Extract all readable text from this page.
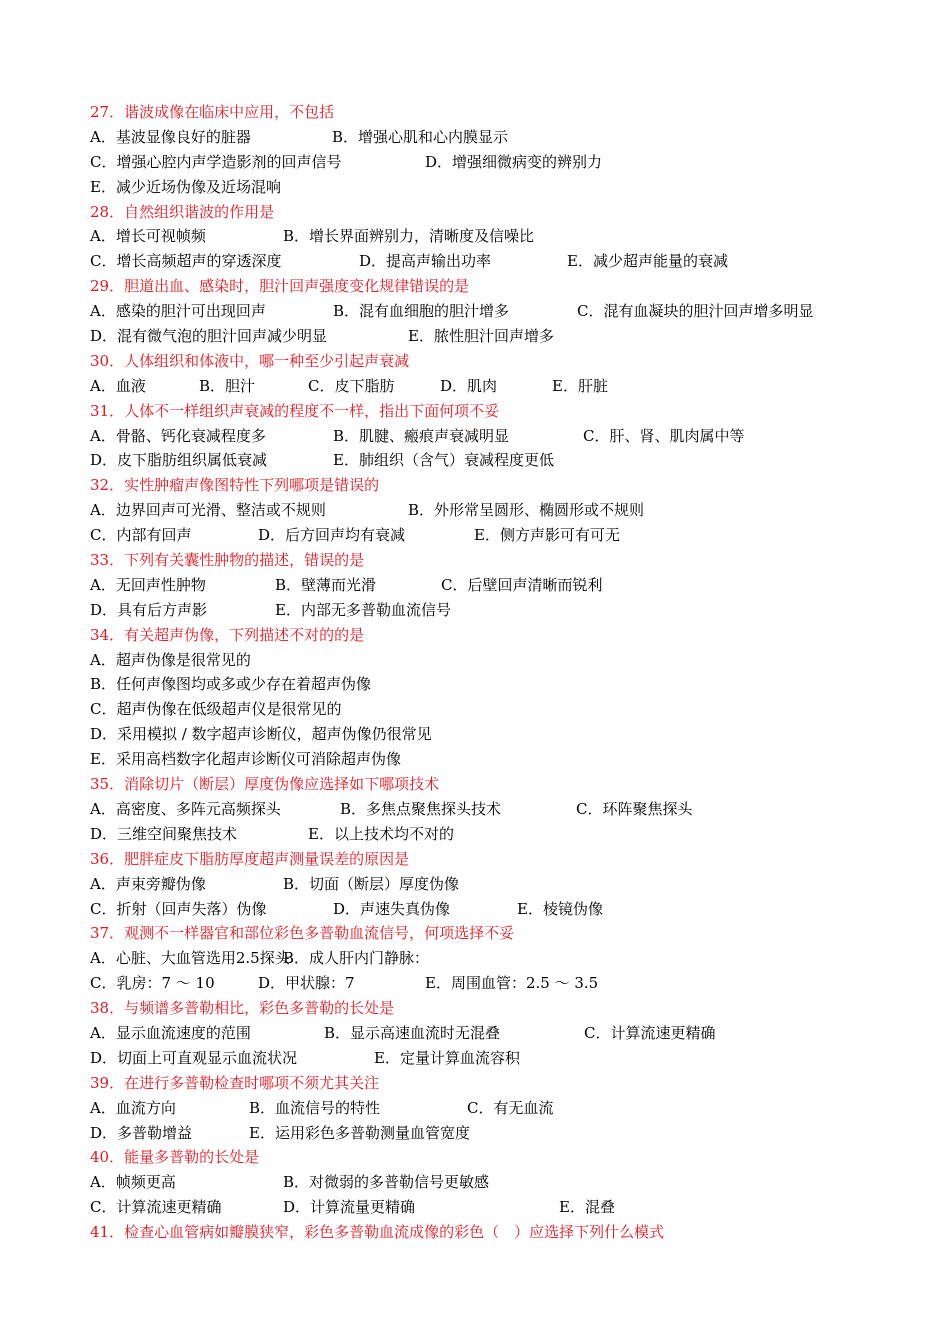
27．谐波成像在临床中应用，不包括
A．基波显像良好的脏器	B．增强心肌和心内膜显示
C．增强心腔内声学造影剂的回声信号	D．增强细微病变的辨别力
E．减少近场伪像及近场混响
28．自然组织谐波的作用是
A．增长可视帧频	B．增长界面辨别力，清晰度及信噪比
C．增长高频超声的穿透深度	D．提高声输出功率	E．减少超声能量的衰减
29．胆道出血、感染时，胆汁回声强度变化规律错误的是
A．感染的胆汁可出现回声	B．混有血细胞的胆汁增多	C．混有血凝块的胆汁回声增多明显
D．混有微气泡的胆汁回声减少明显	E．脓性胆汁回声增多
30．人体组织和体液中，哪一种至少引起声衰减
A．血液	B．胆汁	C．皮下脂肪	D．肌肉	E．肝脏
31．人体不一样组织声衰减的程度不一样，指出下面何项不妥
A．骨骼、钙化衰减程度多	B．肌腱、瘢痕声衰减明显	C．肝、肾、肌肉属中等
D．皮下脂肪组织属低衰减	E．肺组织（含气）衰减程度更低
32．实性肿瘤声像图特性下列哪项是错误的
A．边界回声可光滑、整洁或不规则	B．外形常呈圆形、椭圆形或不规则
C．内部有回声	D．后方回声均有衰减	E．侧方声影可有可无
33．下列有关囊性肿物的描述，错误的是
A．无回声性肿物	B．壁薄而光滑	C．后壁回声清晰而锐利
D．具有后方声影	E．内部无多普勒血流信号
34．有关超声伪像，下列描述不对的的是
A．超声伪像是很常见的
B．任何声像图均或多或少存在着超声伪像
C．超声伪像在低级超声仪是很常见的
D．采用模拟 / 数字超声诊断仪，超声伪像仍很常见
E．采用高档数字化超声诊断仪可消除超声伪像
35．消除切片（断层）厚度伪像应选择如下哪项技术
A．高密度、多阵元高频探头	B．多焦点聚焦探头技术	C．环阵聚焦探头
D．三维空间聚焦技术	E．以上技术均不对的
36．肥胖症皮下脂肪厚度超声测量误差的原因是
A．声束旁瓣伪像	B．切面（断层）厚度伪像
C．折射（回声失落）伪像	D．声速失真伪像	E．棱镜伪像
37．观测不一样器官和部位彩色多普勒血流信号，何项选择不妥
A．心脏、大血管选用2.5探头
B．成人肝内门静脉：
C．乳房：7 ～ 10	D．甲状腺：7	E．周围血管：2.5 ～ 3.5
38．与频谱多普勒相比，彩色多普勒的长处是
A．显示血流速度的范围	B．显示高速血流时无混叠	C．计算流速更精确
D．切面上可直观显示血流状况	E．定量计算血流容积
39．在进行多普勒检查时哪项不须尤其关注
A．血流方向	B．血流信号的特性	C．有无血流
D．多普勒增益	E．运用彩色多普勒测量血管宽度
40．能量多普勒的长处是
A．帧频更高	B．对微弱的多普勒信号更敏感
C．计算流速更精确	D．计算流量更精确	E．混叠
41．检查心血管病如瓣膜狭窄，彩色多普勒血流成像的彩色（　）应选择下列什么模式
